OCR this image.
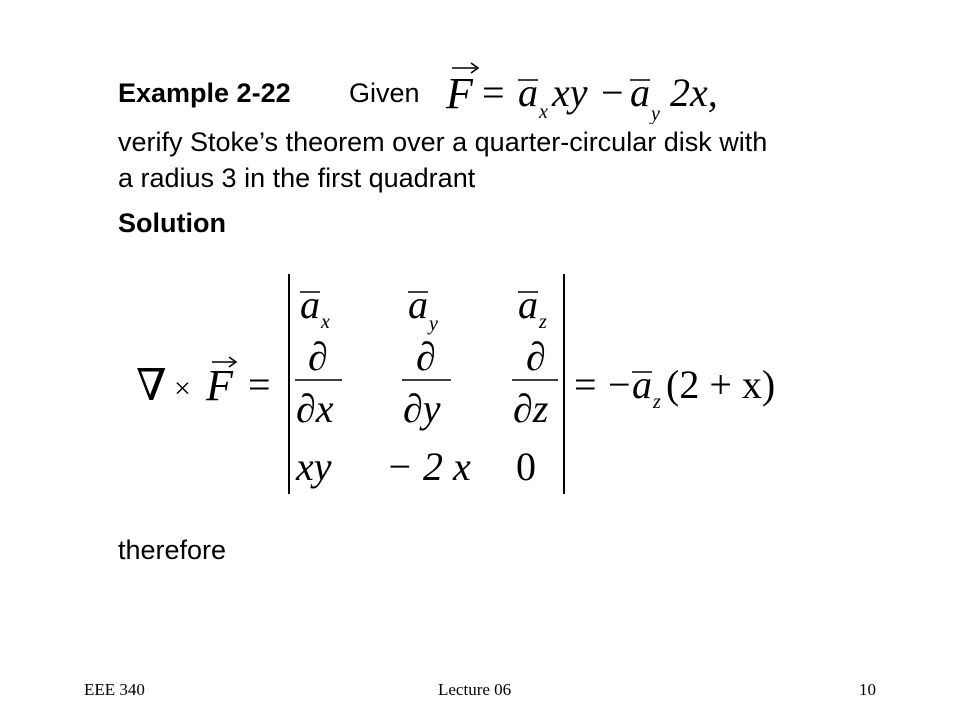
Example 2-22 Given F = a x xy − a y 2x,
verify Stoke’s theorem over a quarter-circular disk with
a radius 3 in the first quadrant
Solution
∇ × F =
a x a y a z
∂
∂x
∂
∂y
∂
∂z
xy − 2 x 0
= − a z (2 + x)
therefore
EEE 340	Lecture 06	10
